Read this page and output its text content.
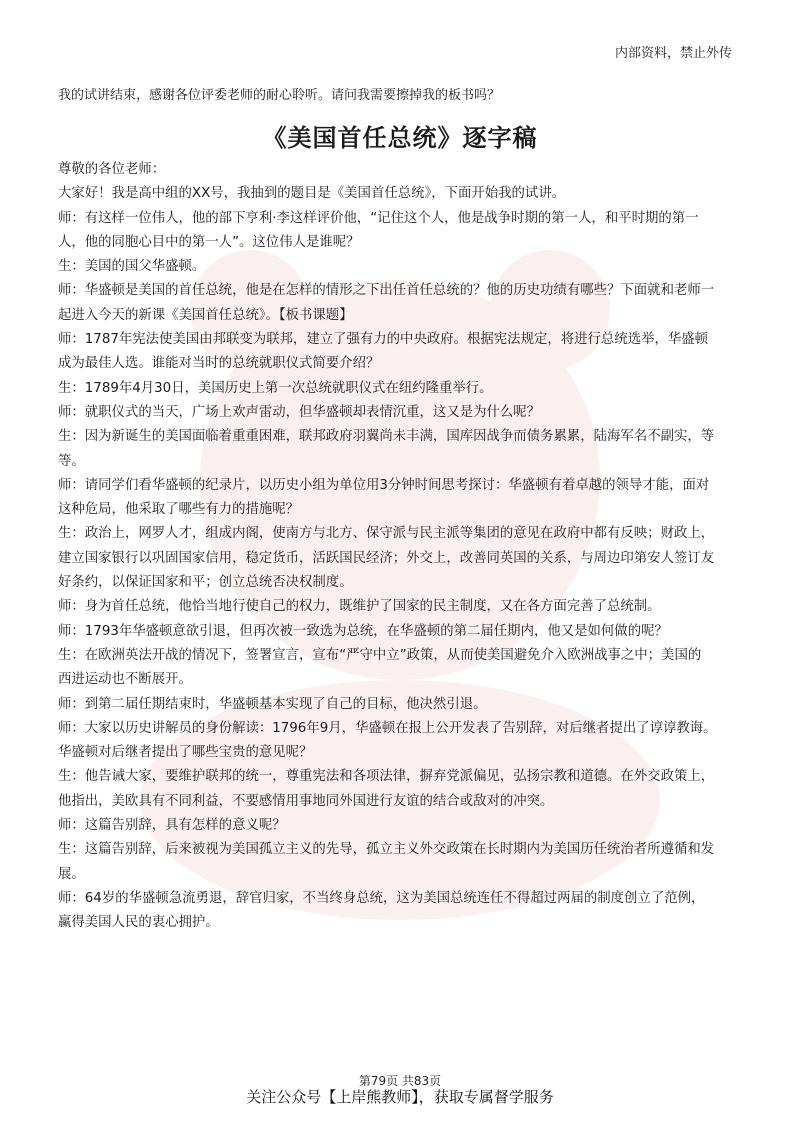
内部资料，禁止外传
我的试讲结束，感谢各位评委老师的耐心聆听。请问我需要擦掉我的板书吗？
《美国首任总统》逐字稿
尊敬的各位老师：
大家好！我是高中组的XX号，我抽到的题目是《美国首任总统》，下面开始我的试讲。
师：有这样一位伟人，他的部下亨利·李这样评价他，“记住这个人，他是战争时期的第一人，和平时期的第一
人，他的同胞心目中的第一人”。这位伟人是谁呢？
生：美国的国父华盛顿。
师：华盛顿是美国的首任总统，他是在怎样的情形之下出任首任总统的？他的历史功绩有哪些？下面就和老师一
起进入今天的新课《美国首任总统》。【板书课题】
师：1787年宪法使美国由邦联变为联邦，建立了强有力的中央政府。根据宪法规定，将进行总统选举，华盛顿
成为最佳人选。谁能对当时的总统就职仪式简要介绍？
生：1789年4月30日，美国历史上第一次总统就职仪式在纽约隆重举行。
师：就职仪式的当天，广场上欢声雷动，但华盛顿却表情沉重，这又是为什么呢？
生：因为新诞生的美国面临着重重困难，联邦政府羽翼尚未丰满，国库因战争而债务累累，陆海军名不副实，等
等。
师：请同学们看华盛顿的纪录片，以历史小组为单位用3分钟时间思考探讨：华盛顿有着卓越的领导才能，面对
这种危局，他采取了哪些有力的措施呢？
生：政治上，网罗人才，组成内阁，使南方与北方、保守派与民主派等集团的意见在政府中都有反映；财政上，
建立国家银行以巩固国家信用，稳定货币，活跃国民经济；外交上，改善同英国的关系，与周边印第安人签订友
好条约，以保证国家和平；创立总统否决权制度。
师：身为首任总统，他恰当地行使自己的权力，既维护了国家的民主制度，又在各方面完善了总统制。
师：1793年华盛顿意欲引退，但再次被一致选为总统，在华盛顿的第二届任期内，他又是如何做的呢？
生：在欧洲英法开战的情况下，签署宣言，宣布“严守中立”政策，从而使美国避免介入欧洲战事之中；美国的
西进运动也不断展开。
师：到第二届任期结束时，华盛顿基本实现了自己的目标，他决然引退。
师：大家以历史讲解员的身份解读：1796年9月，华盛顿在报上公开发表了告别辞，对后继者提出了谆谆教诲。
华盛顿对后继者提出了哪些宝贵的意见呢？
生：他告诫大家，要维护联邦的统一，尊重宪法和各项法律，摒弃党派偏见，弘扬宗教和道德。在外交政策上，
他指出，美欧具有不同利益，不要感情用事地同外国进行友谊的结合或敌对的冲突。
师：这篇告别辞，具有怎样的意义呢？
生：这篇告别辞，后来被视为美国孤立主义的先导，孤立主义外交政策在长时期内为美国历任统治者所遵循和发
展。
师：64岁的华盛顿急流勇退，辞官归家，不当终身总统，这为美国总统连任不得超过两届的制度创立了范例，
赢得美国人民的衷心拥护。
第79页 共83页
关注公众号【上岸熊教师】，获取专属督学服务
